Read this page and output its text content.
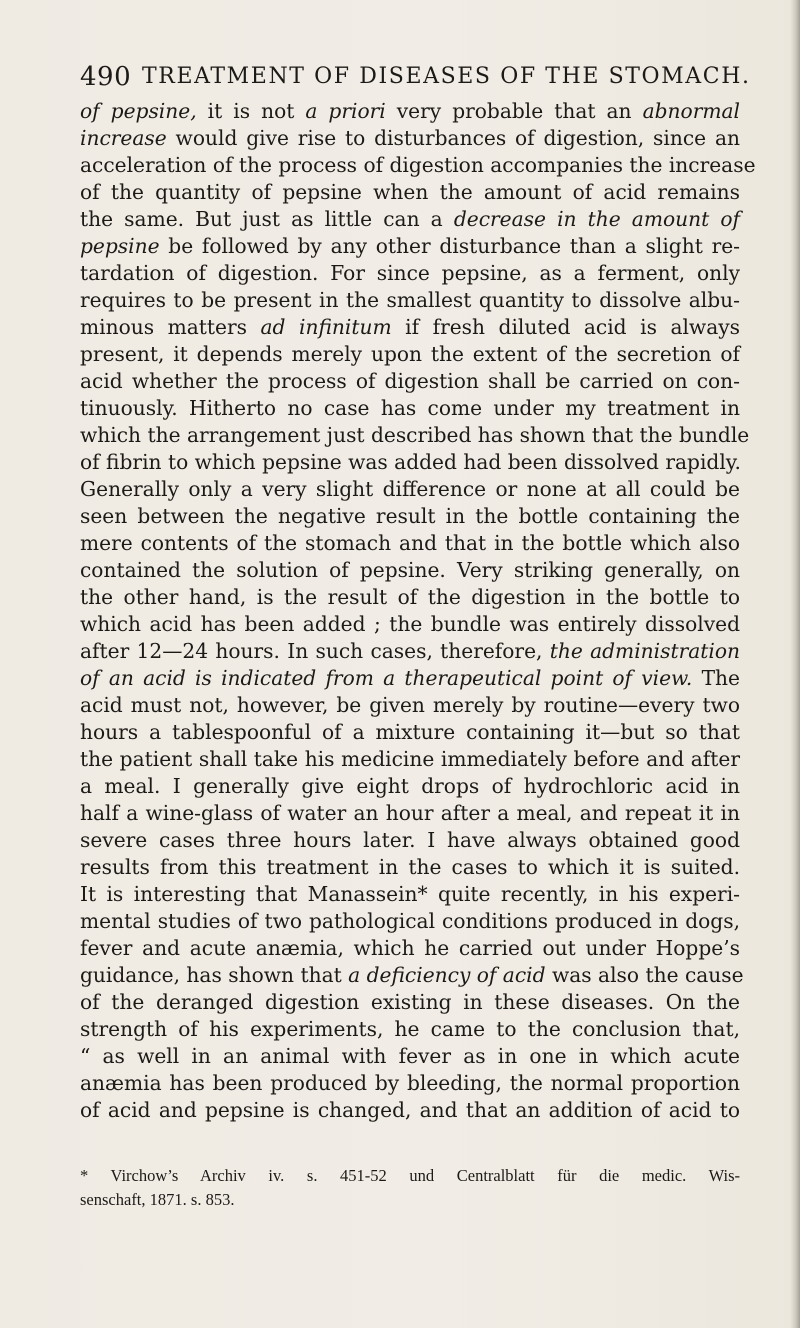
490 TREATMENT OF DISEASES OF THE STOMACH.
of pepsine, it is not a priori very probable that an abnormal
increase would give rise to disturbances of digestion, since an
acceleration of the process of digestion accompanies the increase
of the quantity of pepsine when the amount of acid remains
the same. But just as little can a decrease in the amount of
pepsine be followed by any other disturbance than a slight re-
tardation of digestion. For since pepsine, as a ferment, only
requires to be present in the smallest quantity to dissolve albu-
minous matters ad infinitum if fresh diluted acid is always
present, it depends merely upon the extent of the secretion of
acid whether the process of digestion shall be carried on con-
tinuously. Hitherto no case has come under my treatment in
which the arrangement just described has shown that the bundle
of fibrin to which pepsine was added had been dissolved rapidly.
Generally only a very slight difference or none at all could be
seen between the negative result in the bottle containing the
mere contents of the stomach and that in the bottle which also
contained the solution of pepsine. Very striking generally, on
the other hand, is the result of the digestion in the bottle to
which acid has been added ; the bundle was entirely dissolved
after 12—24 hours. In such cases, therefore, the administration
of an acid is indicated from a therapeutical point of view. The
acid must not, however, be given merely by routine—every two
hours a tablespoonful of a mixture containing it—but so that
the patient shall take his medicine immediately before and after
a meal. I generally give eight drops of hydrochloric acid in
half a wine-glass of water an hour after a meal, and repeat it in
severe cases three hours later. I have always obtained good
results from this treatment in the cases to which it is suited.
It is interesting that Manassein* quite recently, in his experi-
mental studies of two pathological conditions produced in dogs,
fever and acute anæmia, which he carried out under Hoppe’s
guidance, has shown that a deficiency of acid was also the cause
of the deranged digestion existing in these diseases. On the
strength of his experiments, he came to the conclusion that,
“ as well in an animal with fever as in one in which acute
anæmia has been produced by bleeding, the normal proportion
of acid and pepsine is changed, and that an addition of acid to
* Virchow’s Archiv iv. s. 451-52 und Centralblatt für die medic. Wis-
senschaft, 1871. s. 853.
